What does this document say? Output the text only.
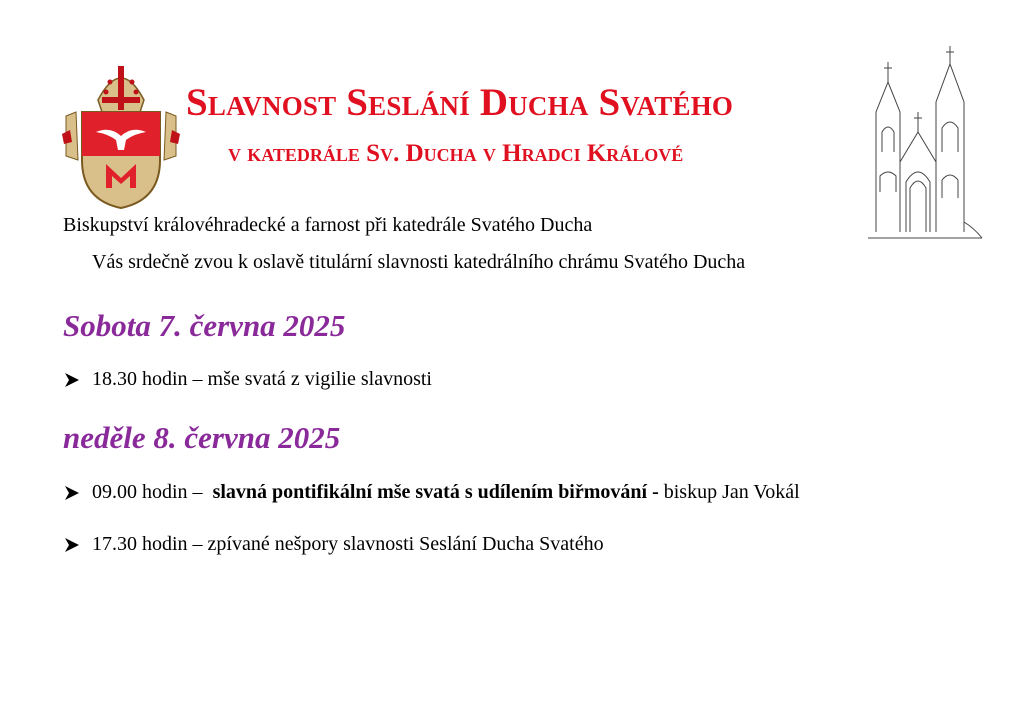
Slavnost Seslání Ducha Svatého
v katedrále Sv. Ducha v Hradci Králové
Biskupství královéhradecké a farnost při katedrále Svatého Ducha
Vás srdečně zvou k oslavě titulární slavnosti katedrálního chrámu Svatého Ducha
Sobota 7. června 2025
18.30 hodin – mše svatá z vigilie slavnosti
neděle 8. června 2025
09.00 hodin – slavná pontifikální mše svatá s udílením biřmování - biskup Jan Vokál
17.30 hodin – zpívané nešpory slavnosti Seslání Ducha Svatého
